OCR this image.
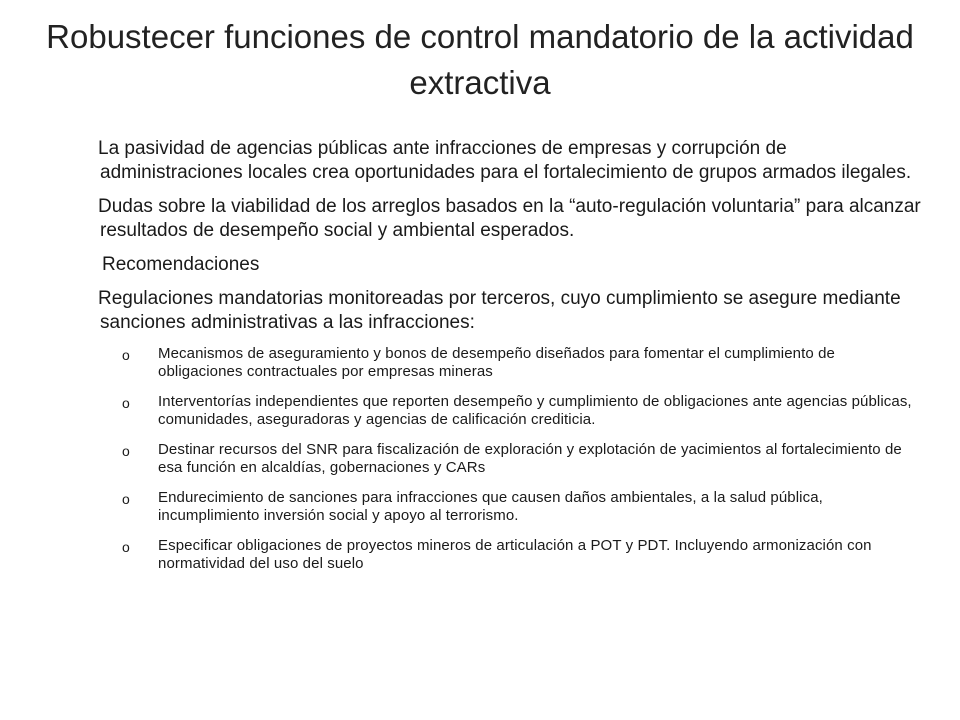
Robustecer funciones de control mandatorio de la actividad extractiva

La pasividad de agencias públicas ante infracciones de empresas y corrupción de administraciones locales crea oportunidades para el fortalecimiento de grupos armados ilegales.

Dudas sobre la viabilidad de los arreglos basados en la “auto-regulación voluntaria” para alcanzar resultados de desempeño social y ambiental esperados.

Recomendaciones

Regulaciones mandatorias monitoreadas por terceros, cuyo cumplimiento se asegure mediante sanciones administrativas a las infracciones:

o Mecanismos de aseguramiento y bonos de desempeño diseñados para fomentar el cumplimiento de obligaciones contractuales por empresas mineras
o Interventorías independientes que reporten desempeño y cumplimiento de obligaciones ante agencias públicas, comunidades, aseguradoras y agencias de calificación crediticia.
o Destinar recursos del SNR para fiscalización de exploración y explotación de yacimientos al fortalecimiento de esa función en alcaldías, gobernaciones y CARs
o Endurecimiento de sanciones para infracciones que causen daños ambientales, a la salud pública, incumplimiento inversión social y apoyo al terrorismo.
o Especificar obligaciones de proyectos mineros de articulación a POT y PDT. Incluyendo armonización con normatividad del uso del suelo
